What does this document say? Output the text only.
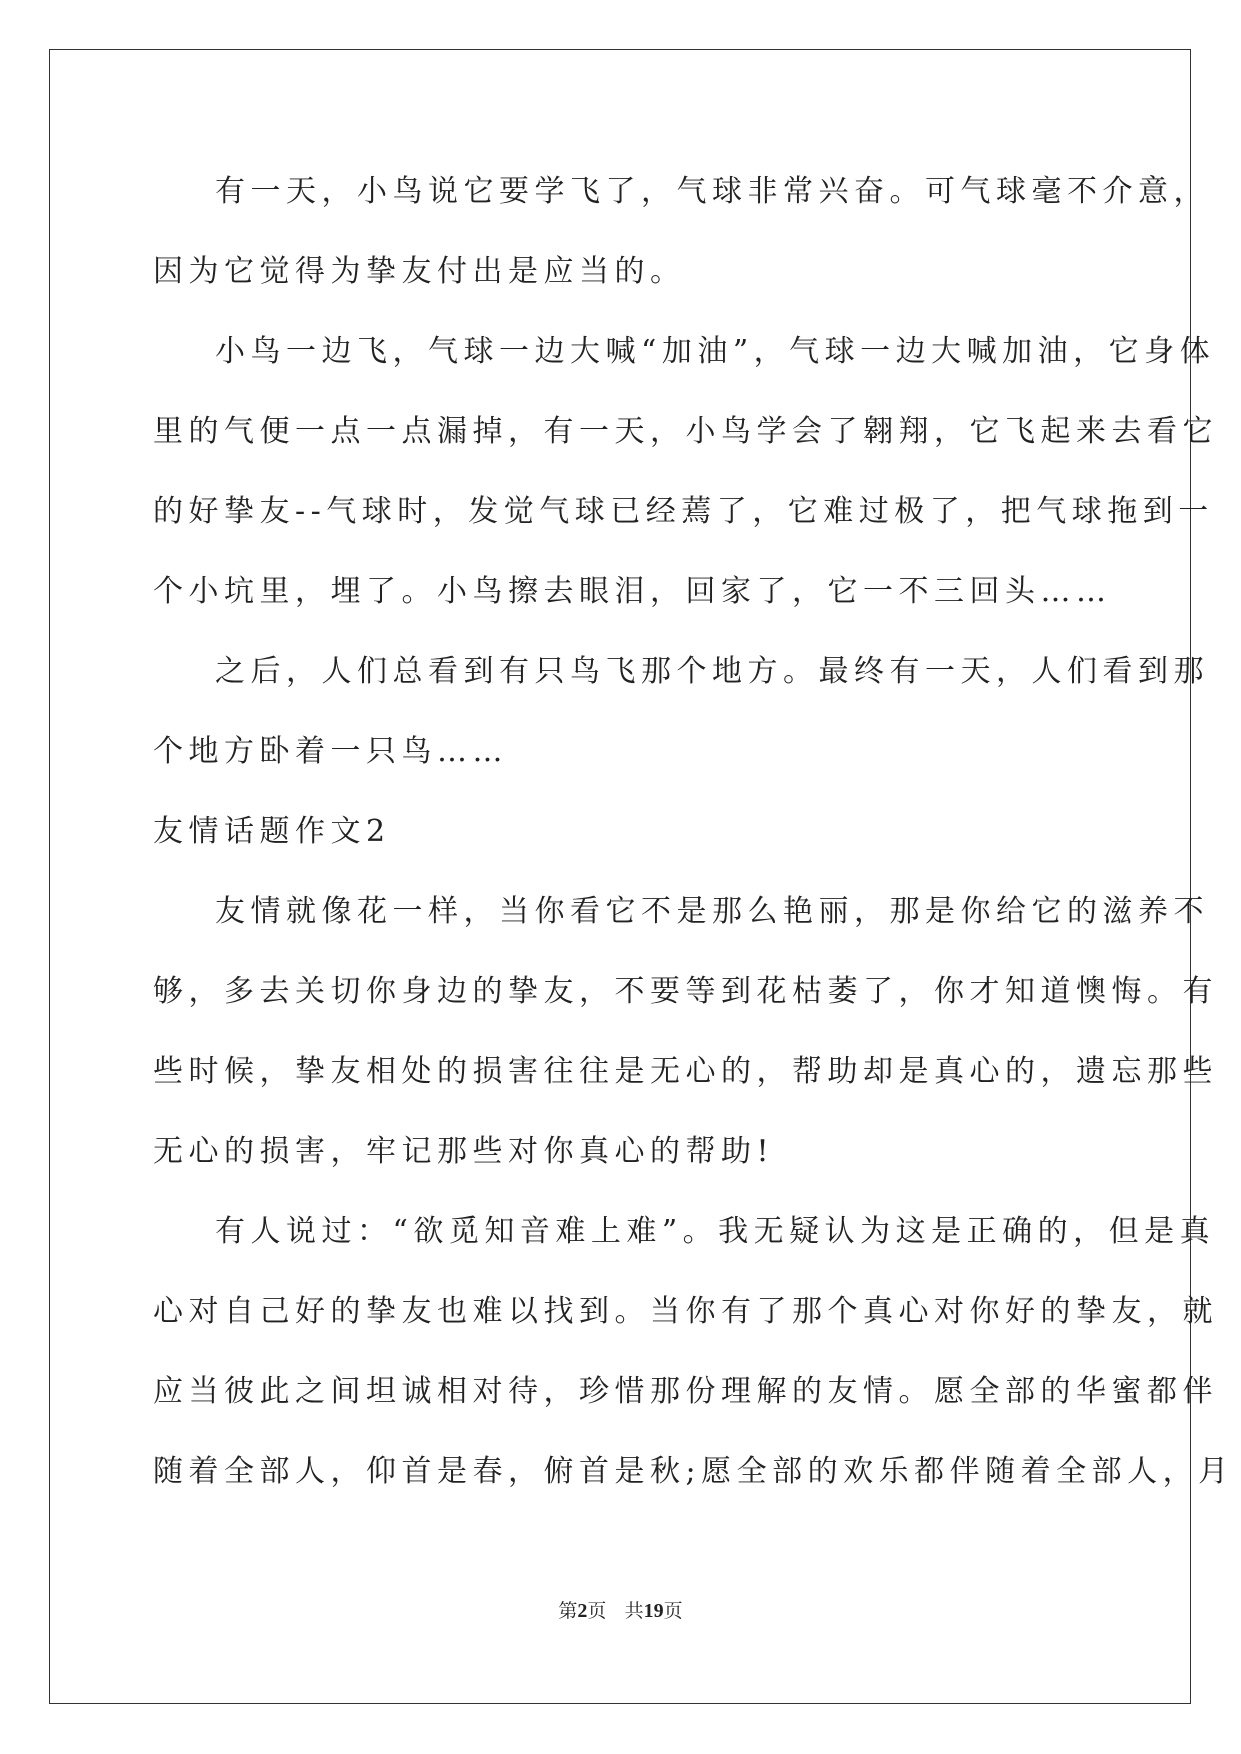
有一天，小鸟说它要学飞了，气球非常兴奋。可气球毫不介意，
因为它觉得为挚友付出是应当的。
小鸟一边飞，气球一边大喊“加油”，气球一边大喊加油，它身体
里的气便一点一点漏掉，有一天，小鸟学会了翱翔，它飞起来去看它
的好挚友--气球时，发觉气球已经蔫了，它难过极了，把气球拖到一
个小坑里，埋了。小鸟擦去眼泪，回家了，它一不三回头……
之后，人们总看到有只鸟飞那个地方。最终有一天，人们看到那
个地方卧着一只鸟……
友情话题作文2
友情就像花一样，当你看它不是那么艳丽，那是你给它的滋养不
够，多去关切你身边的挚友，不要等到花枯萎了，你才知道懊悔。有
些时候，挚友相处的损害往往是无心的，帮助却是真心的，遗忘那些
无心的损害，牢记那些对你真心的帮助!
有人说过：“欲觅知音难上难”。我无疑认为这是正确的，但是真
心对自己好的挚友也难以找到。当你有了那个真心对你好的挚友，就
应当彼此之间坦诚相对待，珍惜那份理解的友情。愿全部的华蜜都伴
随着全部人，仰首是春，俯首是秋;愿全部的欢乐都伴随着全部人，月
第2页 共19页
